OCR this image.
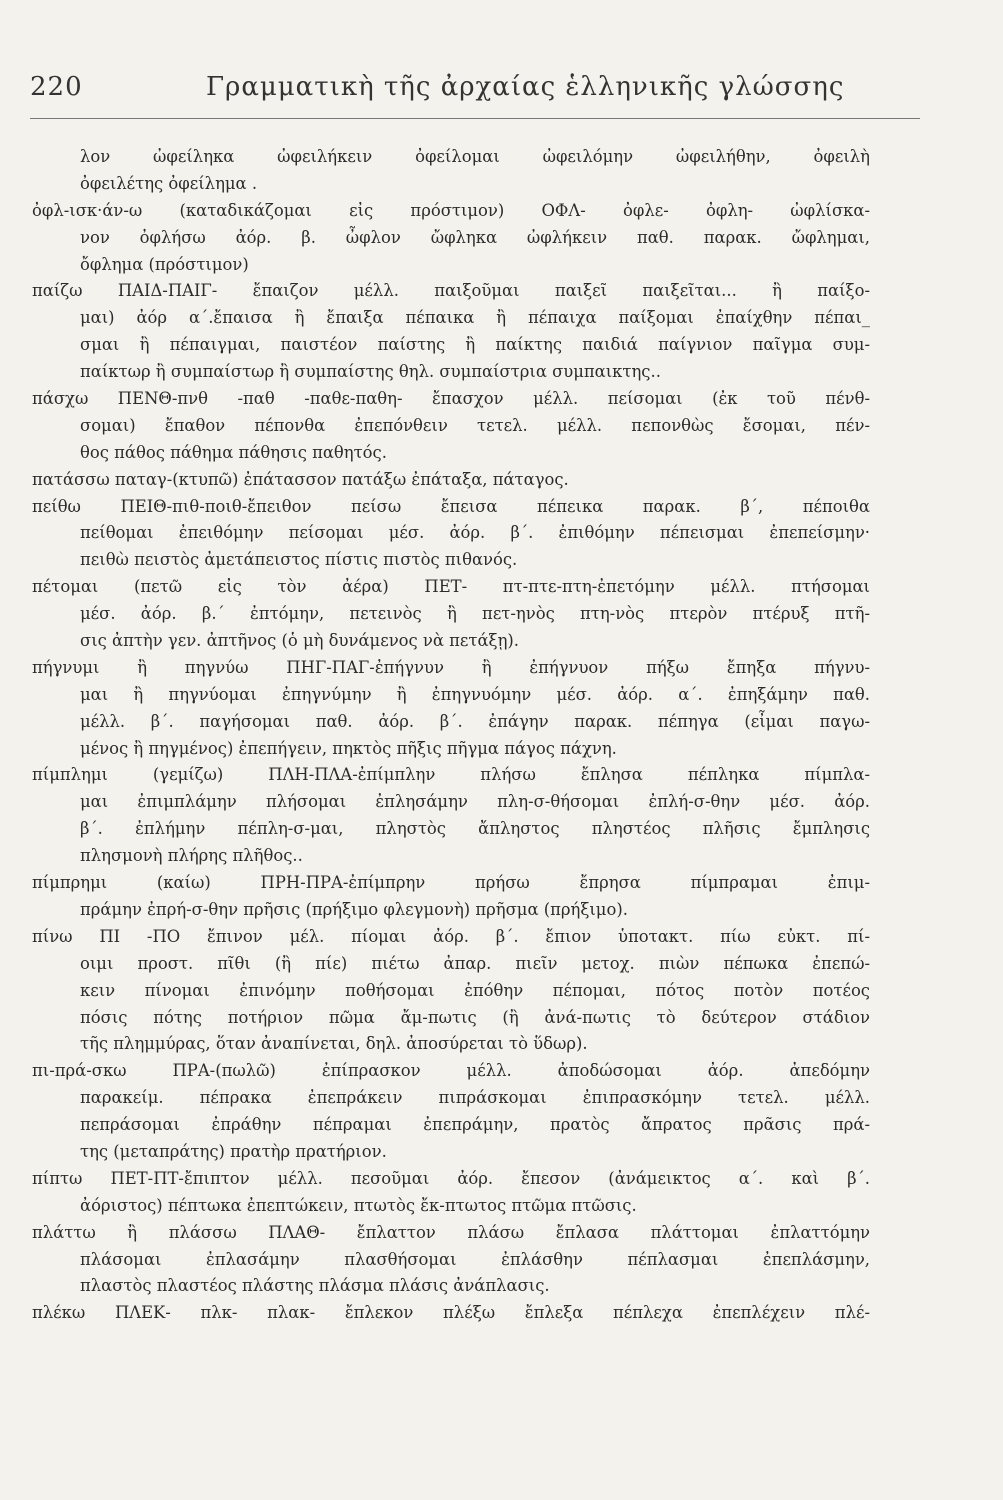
220	Γραμματικὴ τῆς ἀρχαίας ἑλληνικῆς γλώσσης
λον ὠφείληκα ὠφειλήκειν ὀφείλομαι ὠφειλόμην ὠφειλήθην, ὀφειλὴ
ὀφειλέτης ὀφείλημα .
ὀφλ-ισκ·άν-ω (καταδικάζομαι εἰς πρόστιμον) ΟΦΛ- ὀφλε- ὀφλη- ὠφλίσκα-
νον ὀφλήσω ἀόρ. β. ὦφλον ὤφληκα ὠφλήκειν παθ. παρακ. ὤφλημαι,
ὄφλημα (πρόστιμον)
παίζω ΠΑΙΔ-ΠΑΙΓ- ἔπαιζον μέλλ. παιξοῦμαι παιξεῖ παιξεῖται... ἢ παίξο-
μαι) ἀόρ α΄.ἔπαισα ἢ ἔπαιξα πέπαικα ἢ πέπαιχα παίξομαι ἐπαίχθην πέπαι_
σμαι ἢ πέπαιγμαι, παιστέον παίστης ἢ παίκτης παιδιά παίγνιον παῖγμα συμ-
παίκτωρ ἢ συμπαίστωρ ἢ συμπαίστης θηλ. συμπαίστρια συμπαικτης..
πάσχω ΠΕΝΘ-πνθ -παθ -παθε-παθη- ἔπασχον μέλλ. πείσομαι (ἐκ τοῦ πένθ-
σομαι) ἔπαθον πέπονθα ἐπεπόνθειν τετελ. μέλλ. πεπονθὼς ἔσομαι, πέν-
θος πάθος πάθημα πάθησις παθητός.
πατάσσω παταγ-(κτυπῶ) ἐπάτασσον πατάξω ἐπάταξα, πάταγος.
πείθω ΠΕΙΘ-πιθ-ποιθ-ἔπειθον πείσω ἔπεισα πέπεικα παρακ. β΄, πέποιθα
πείθομαι ἐπειθόμην πείσομαι μέσ. ἀόρ. β΄. ἐπιθόμην πέπεισμαι ἐπεπείσμην·
πειθὼ πειστὸς ἀμετάπειστος πίστις πιστὸς πιθανός.
πέτομαι (πετῶ εἰς τὸν ἀέρα) ΠΕΤ- πτ-πτε-πτη-ἐπετόμην μέλλ. πτήσομαι
μέσ. ἀόρ. β.΄ ἐπτόμην, πετεινὸς ἢ πετ-ηνὸς πτη-νὸς πτερὸν πτέρυξ πτῆ-
σις ἀπτὴν γεν. ἀπτῆνος (ὁ μὴ δυνάμενος νὰ πετάξῃ).
πήγνυμι ἢ πηγνύω ΠΗΓ-ΠΑΓ-ἐπήγνυν ἢ ἐπήγνυον πήξω ἔπηξα πήγνυ-
μαι ἢ πηγνύομαι ἐπηγνύμην ἢ ἐπηγνυόμην μέσ. ἀόρ. α΄. ἐπηξάμην παθ.
μέλλ. β΄. παγήσομαι παθ. ἀόρ. β΄. ἐπάγην παρακ. πέπηγα (εἶμαι παγω-
μένος ἢ πηγμένος) ἐπεπήγειν, πηκτὸς πῆξις πῆγμα πάγος πάχνη.
πίμπλημι (γεμίζω) ΠΛΗ-ΠΛΑ-ἐπίμπλην πλήσω ἔπλησα πέπληκα πίμπλα-
μαι ἐπιμπλάμην πλήσομαι ἐπλησάμην πλη-σ-θήσομαι ἐπλή-σ-θην μέσ. ἀόρ.
β΄. ἐπλήμην πέπλη-σ-μαι, πληστὸς ἄπληστος πληστέος πλῆσις ἔμπλησις
πλησμονὴ πλήρης πλῆθος..
πίμπρημι (καίω) ΠΡΗ-ΠΡΑ-ἐπίμπρην πρήσω ἔπρησα πίμπραμαι ἐπιμ-
πράμην ἐπρή-σ-θην πρῆσις (πρήξιμο φλεγμονὴ) πρῆσμα (πρήξιμο).
πίνω ΠΙ -ΠΟ ἔπινον μέλ. πίομαι ἀόρ. β΄. ἔπιον ὑποτακτ. πίω εὐκτ. πί-
οιμι προστ. πῖθι (ἢ πίε) πιέτω ἀπαρ. πιεῖν μετοχ. πιὼν πέπωκα ἐπεπώ-
κειν πίνομαι ἐπινόμην ποθήσομαι ἐπόθην πέπομαι, πότος ποτὸν ποτέος
πόσις πότης ποτήριον πῶμα ἄμ-πωτις (ἢ ἀνά-πωτις τὸ δεύτερον στάδιον
τῆς πλημμύρας, ὅταν ἀναπίνεται, δηλ. ἀποσύρεται τὸ ὕδωρ).
πι-πρά-σκω ΠΡΑ-(πωλῶ) ἐπίπρασκον μέλλ. ἀποδώσομαι ἀόρ. ἀπεδόμην
παρακείμ. πέπρακα ἐπεπράκειν πιπράσκομαι ἐπιπρασκόμην τετελ. μέλλ.
πεπράσομαι ἐπράθην πέπραμαι ἐπεπράμην, πρατὸς ἄπρατος πρᾶσις πρά-
της (μεταπράτης) πρατὴρ πρατήριον.
πίπτω ΠΕΤ-ΠΤ-ἔπιπτον μέλλ. πεσοῦμαι ἀόρ. ἔπεσον (ἀνάμεικτος α΄. καὶ β΄.
ἀόριστος) πέπτωκα ἐπεπτώκειν, πτωτὸς ἔκ-πτωτος πτῶμα πτῶσις.
πλάττω ἢ πλάσσω ΠΛΑΘ- ἔπλαττον πλάσω ἔπλασα πλάττομαι ἐπλαττόμην
πλάσομαι ἐπλασάμην πλασθήσομαι ἐπλάσθην πέπλασμαι ἐπεπλάσμην,
πλαστὸς πλαστέος πλάστης πλάσμα πλάσις ἀνάπλασις.
πλέκω ΠΛΕΚ- πλκ- πλακ- ἔπλεκον πλέξω ἔπλεξα πέπλεχα ἐπεπλέχειν πλέ-
